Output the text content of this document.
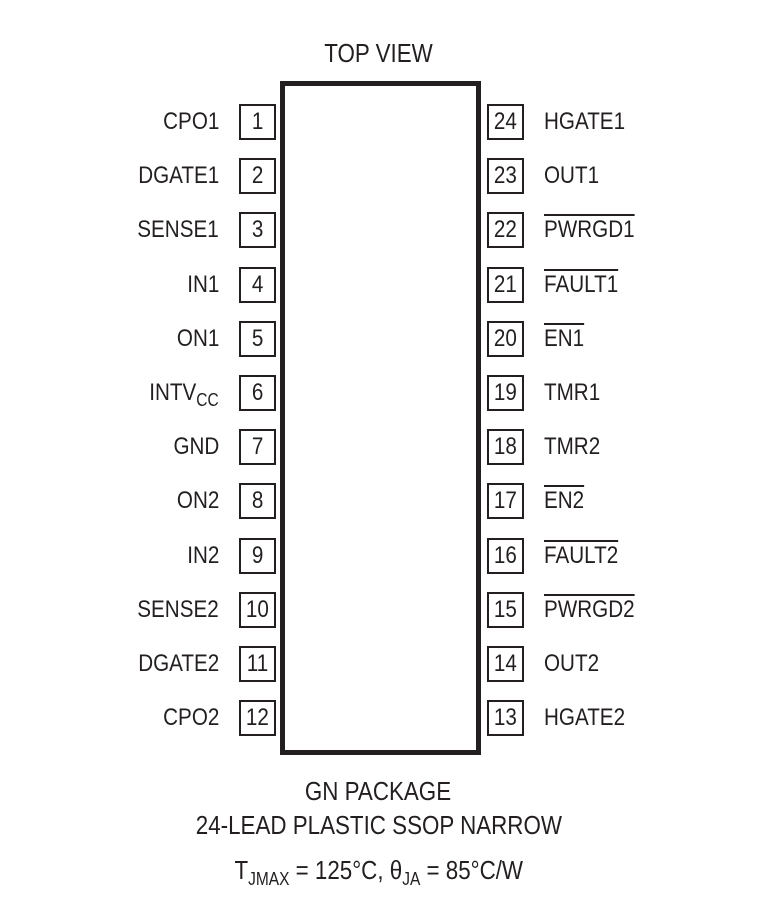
TOP VIEW
1
CPO1
2
DGATE1
3
SENSE1
4
IN1
5
ON1
6
$INTV_{CC}$
7
GND
8
ON2
9
IN2
10
SENSE2
11
DGATE2
12
CPO2
24 HGATE1
23 OUT1
22 PWRGD1
21 FAULT1
20 EN1
19 TMR1
18 TMR2
17 EN2
16 FAULT2
15 PWRGD2
14 OUT2
13 HGATE2
GN PACKAGE
24-LEAD PLASTIC SSOP NARROW
$T_{JMAX} = 125^\circ C$, $\theta_{JA} = 85^\circ C/W$
